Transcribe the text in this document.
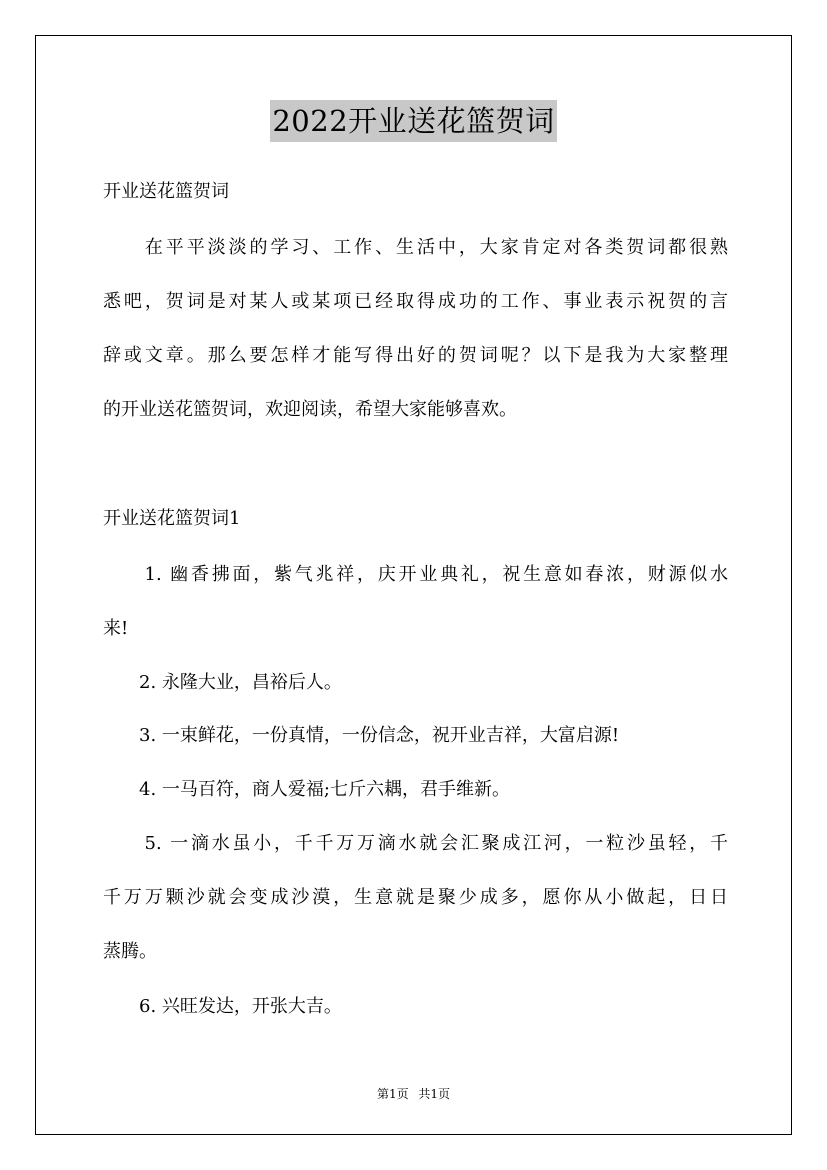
2022开业送花篮贺词
开业送花篮贺词
　　在平平淡淡的学习、工作、生活中，大家肯定对各类贺词都很熟
悉吧，贺词是对某人或某项已经取得成功的工作、事业表示祝贺的言
辞或文章。那么要怎样才能写得出好的贺词呢？以下是我为大家整理
的开业送花篮贺词，欢迎阅读，希望大家能够喜欢。
开业送花篮贺词1
　　1. 幽香拂面，紫气兆祥，庆开业典礼，祝生意如春浓，财源似水
来!
　　2. 永隆大业，昌裕后人。
　　3. 一束鲜花，一份真情，一份信念，祝开业吉祥，大富启源!
　　4. 一马百符，商人爱福;七斤六耦，君手维新。
　　5. 一滴水虽小，千千万万滴水就会汇聚成江河，一粒沙虽轻，千
千万万颗沙就会变成沙漠，生意就是聚少成多，愿你从小做起，日日
蒸腾。
　　6. 兴旺发达，开张大吉。
第1页 共1页
